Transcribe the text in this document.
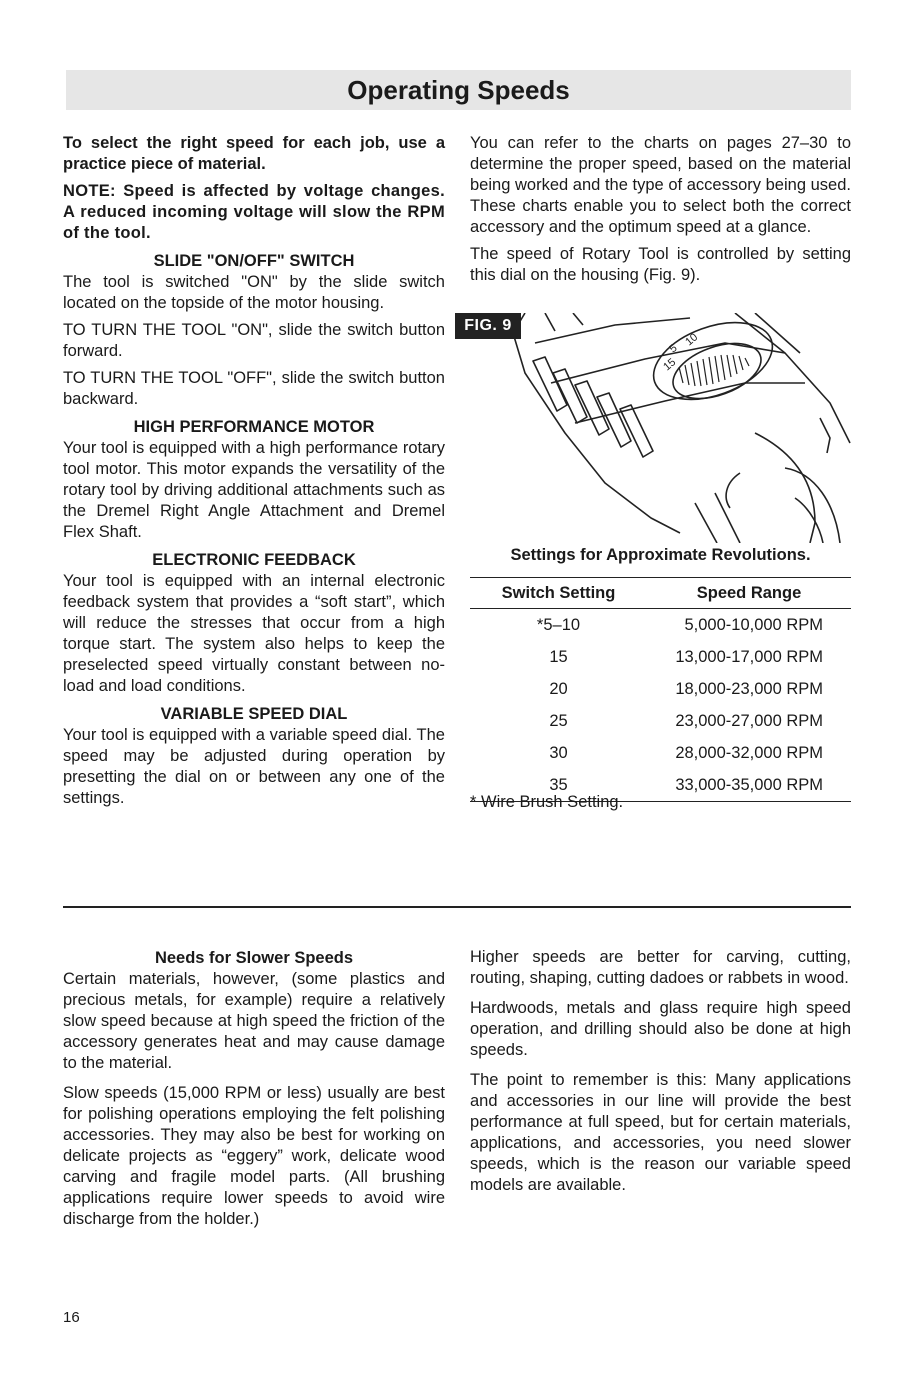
Operating Speeds

To select the right speed for each job, use a practice piece of material.

NOTE: Speed is affected by voltage changes. A reduced incoming voltage will slow the RPM of the tool.

SLIDE "ON/OFF" SWITCH

The tool is switched "ON" by the slide switch located on the topside of the motor housing.

TO TURN THE TOOL "ON", slide the switch button forward.

TO TURN THE TOOL "OFF", slide the switch button backward.

HIGH PERFORMANCE MOTOR

Your tool is equipped with a high performance rotary tool motor. This motor expands the versatility of the rotary tool by driving additional attachments such as the Dremel Right Angle Attachment and Dremel Flex Shaft.

ELECTRONIC FEEDBACK

Your tool is equipped with an internal electronic feedback system that provides a “soft start”, which will reduce the stresses that occur from a high torque start. The system also helps to keep the preselected speed virtually constant between no-load and load conditions.

VARIABLE SPEED DIAL

Your tool is equipped with a variable speed dial. The speed may be adjusted during operation by presetting the dial on or between any one of the settings.

You can refer to the charts on pages 27–30 to determine the proper speed, based on the material being worked and the type of accessory being used. These charts enable you to select both the correct accessory and the optimum speed at a glance.

The speed of Rotary Tool is controlled by setting this dial on the housing (Fig. 9).

5
10
15
FIG. 9
Settings for Approximate Revolutions.
Switch Setting	Speed Range
*5–10	5,000-10,000 RPM
15	13,000-17,000 RPM
20	18,000-23,000 RPM
25	23,000-27,000 RPM
30	28,000-32,000 RPM
35	33,000-35,000 RPM
* Wire Brush Setting.
Needs for Slower Speeds

Certain materials, however, (some plastics and precious metals, for example) require a relatively slow speed because at high speed the friction of the accessory generates heat and may cause damage to the material.

Slow speeds (15,000 RPM or less) usually are best for polishing operations employing the felt polishing accessories. They may also be best for working on delicate projects as “eggery” work, delicate wood carving and fragile model parts. (All brushing applications require lower speeds to avoid wire discharge from the holder.)

Higher speeds are better for carving, cutting, routing, shaping, cutting dadoes or rabbets in wood.

Hardwoods, metals and glass require high speed operation, and drilling should also be done at high speeds.

The point to remember is this: Many applications and accessories in our line will provide the best performance at full speed, but for certain materials, applications, and accessories, you need slower speeds, which is the reason our variable speed models are available.

16
